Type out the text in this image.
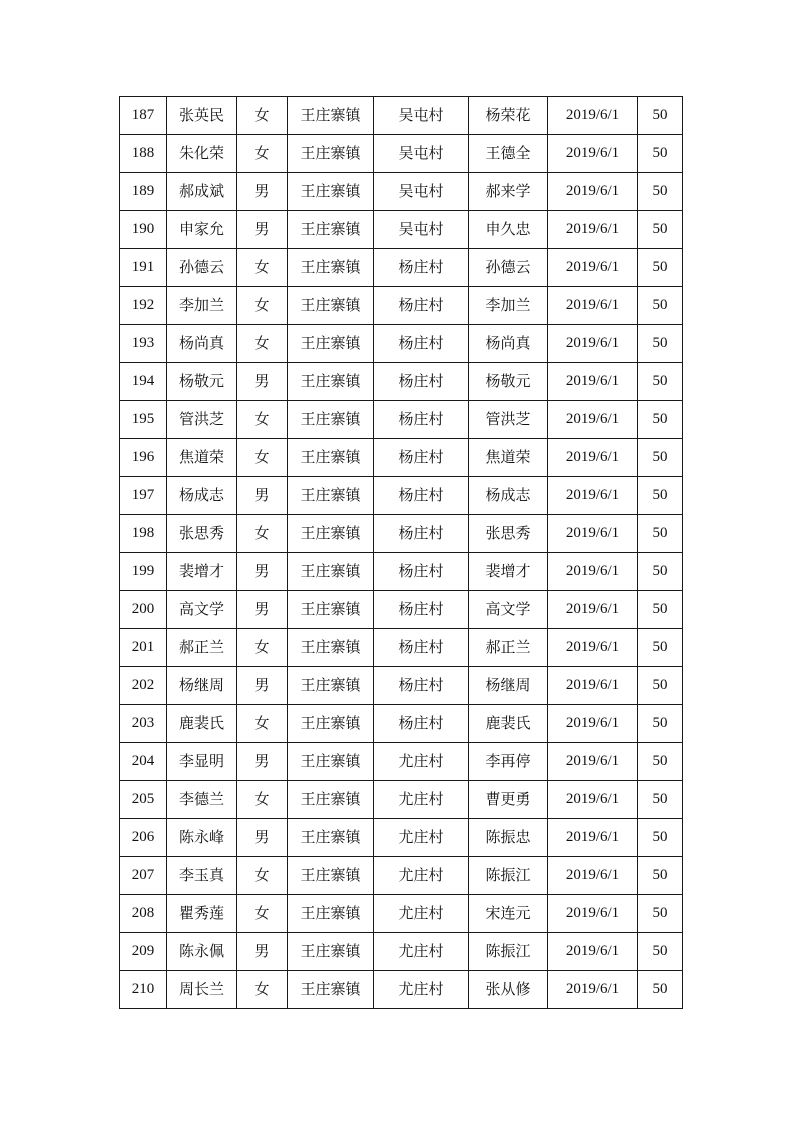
187	张英民	女	王庄寨镇	吴屯村	杨荣花	2019/6/1	50
188	朱化荣	女	王庄寨镇	吴屯村	王德全	2019/6/1	50
189	郝成斌	男	王庄寨镇	吴屯村	郝来学	2019/6/1	50
190	申家允	男	王庄寨镇	吴屯村	申久忠	2019/6/1	50
191	孙德云	女	王庄寨镇	杨庄村	孙德云	2019/6/1	50
192	李加兰	女	王庄寨镇	杨庄村	李加兰	2019/6/1	50
193	杨尚真	女	王庄寨镇	杨庄村	杨尚真	2019/6/1	50
194	杨敬元	男	王庄寨镇	杨庄村	杨敬元	2019/6/1	50
195	管洪芝	女	王庄寨镇	杨庄村	管洪芝	2019/6/1	50
196	焦道荣	女	王庄寨镇	杨庄村	焦道荣	2019/6/1	50
197	杨成志	男	王庄寨镇	杨庄村	杨成志	2019/6/1	50
198	张思秀	女	王庄寨镇	杨庄村	张思秀	2019/6/1	50
199	裴增才	男	王庄寨镇	杨庄村	裴增才	2019/6/1	50
200	高文学	男	王庄寨镇	杨庄村	高文学	2019/6/1	50
201	郝正兰	女	王庄寨镇	杨庄村	郝正兰	2019/6/1	50
202	杨继周	男	王庄寨镇	杨庄村	杨继周	2019/6/1	50
203	鹿裴氏	女	王庄寨镇	杨庄村	鹿裴氏	2019/6/1	50
204	李显明	男	王庄寨镇	尤庄村	李再停	2019/6/1	50
205	李德兰	女	王庄寨镇	尤庄村	曹更勇	2019/6/1	50
206	陈永峰	男	王庄寨镇	尤庄村	陈振忠	2019/6/1	50
207	李玉真	女	王庄寨镇	尤庄村	陈振江	2019/6/1	50
208	瞿秀莲	女	王庄寨镇	尤庄村	宋连元	2019/6/1	50
209	陈永佩	男	王庄寨镇	尤庄村	陈振江	2019/6/1	50
210	周长兰	女	王庄寨镇	尤庄村	张从修	2019/6/1	50
